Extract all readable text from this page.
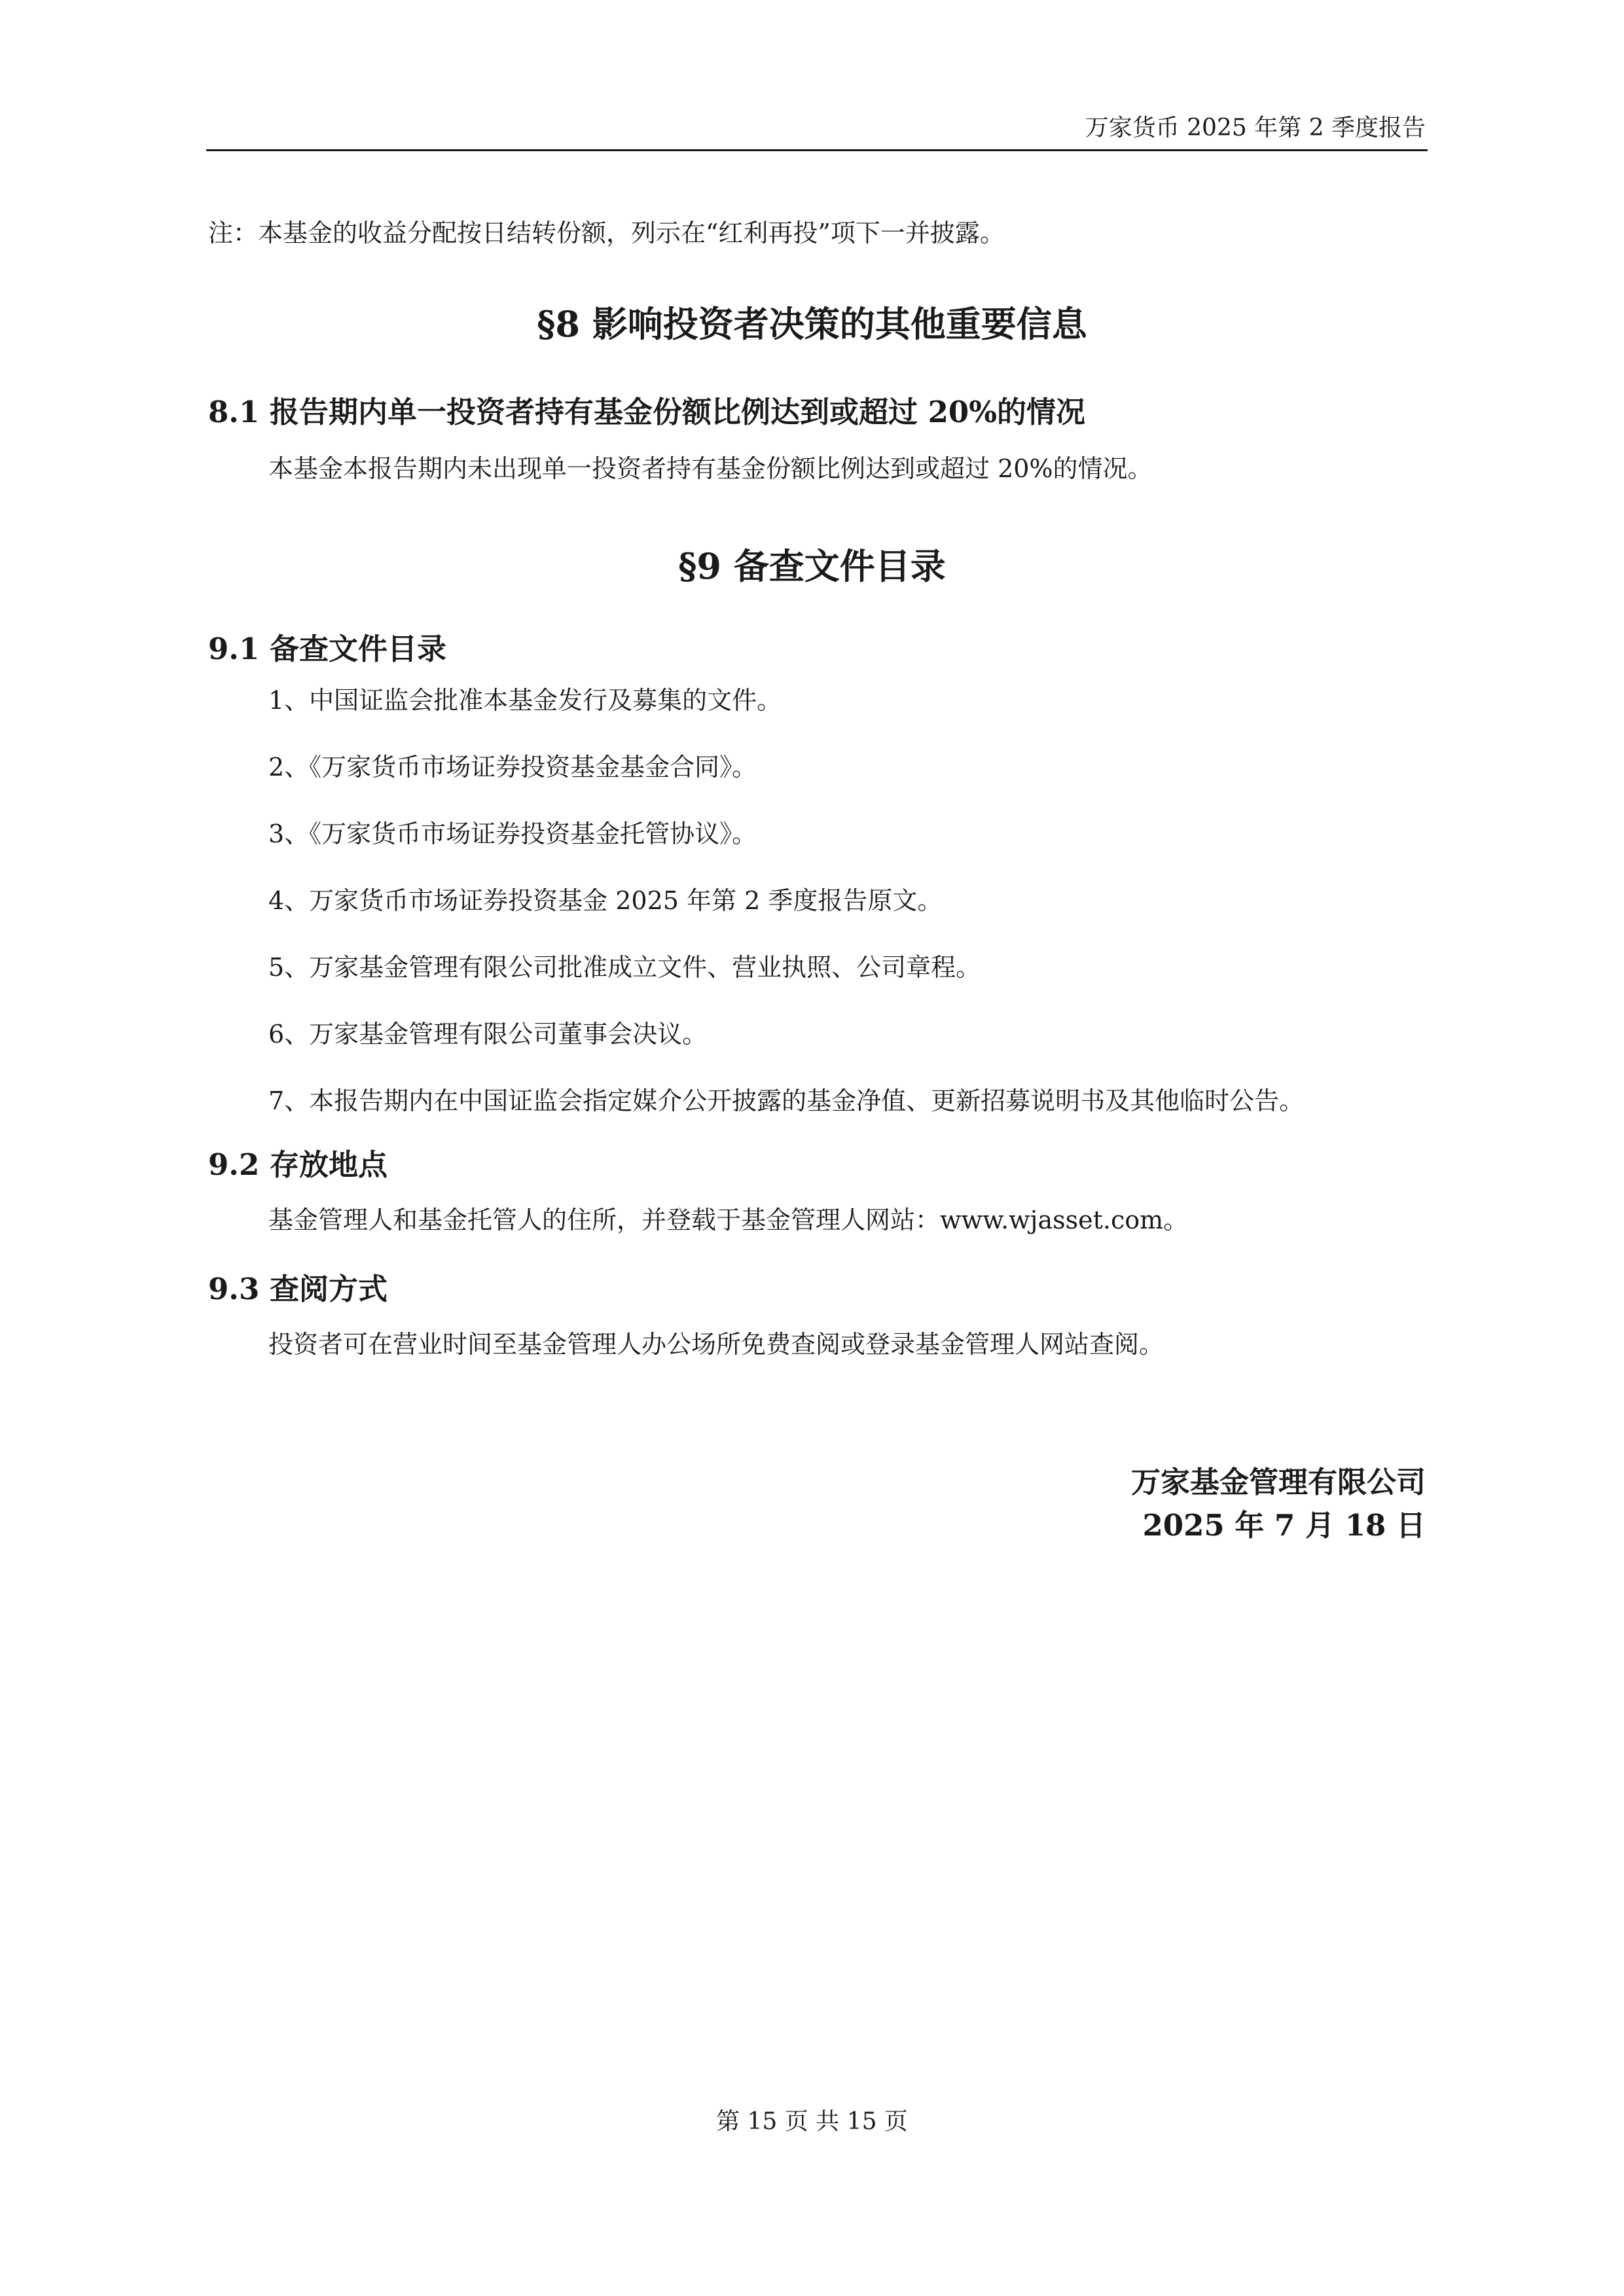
万家货币 2025 年第 2 季度报告
注：本基金的收益分配按日结转份额，列示在“红利再投”项下一并披露。
§8 影响投资者决策的其他重要信息
8.1 报告期内单一投资者持有基金份额比例达到或超过 20%的情况
本基金本报告期内未出现单一投资者持有基金份额比例达到或超过 20%的情况。
§9 备查文件目录
9.1 备查文件目录
1、中国证监会批准本基金发行及募集的文件。
2、《万家货币市场证券投资基金基金合同》。
3、《万家货币市场证券投资基金托管协议》。
4、万家货币市场证券投资基金 2025 年第 2 季度报告原文。
5、万家基金管理有限公司批准成立文件、营业执照、公司章程。
6、万家基金管理有限公司董事会决议。
7、本报告期内在中国证监会指定媒介公开披露的基金净值、更新招募说明书及其他临时公告。
9.2 存放地点
基金管理人和基金托管人的住所，并登载于基金管理人网站：www.wjasset.com。
9.3 查阅方式
投资者可在营业时间至基金管理人办公场所免费查阅或登录基金管理人网站查阅。
万家基金管理有限公司
2025 年 7 月 18 日
第 15 页 共 15 页
